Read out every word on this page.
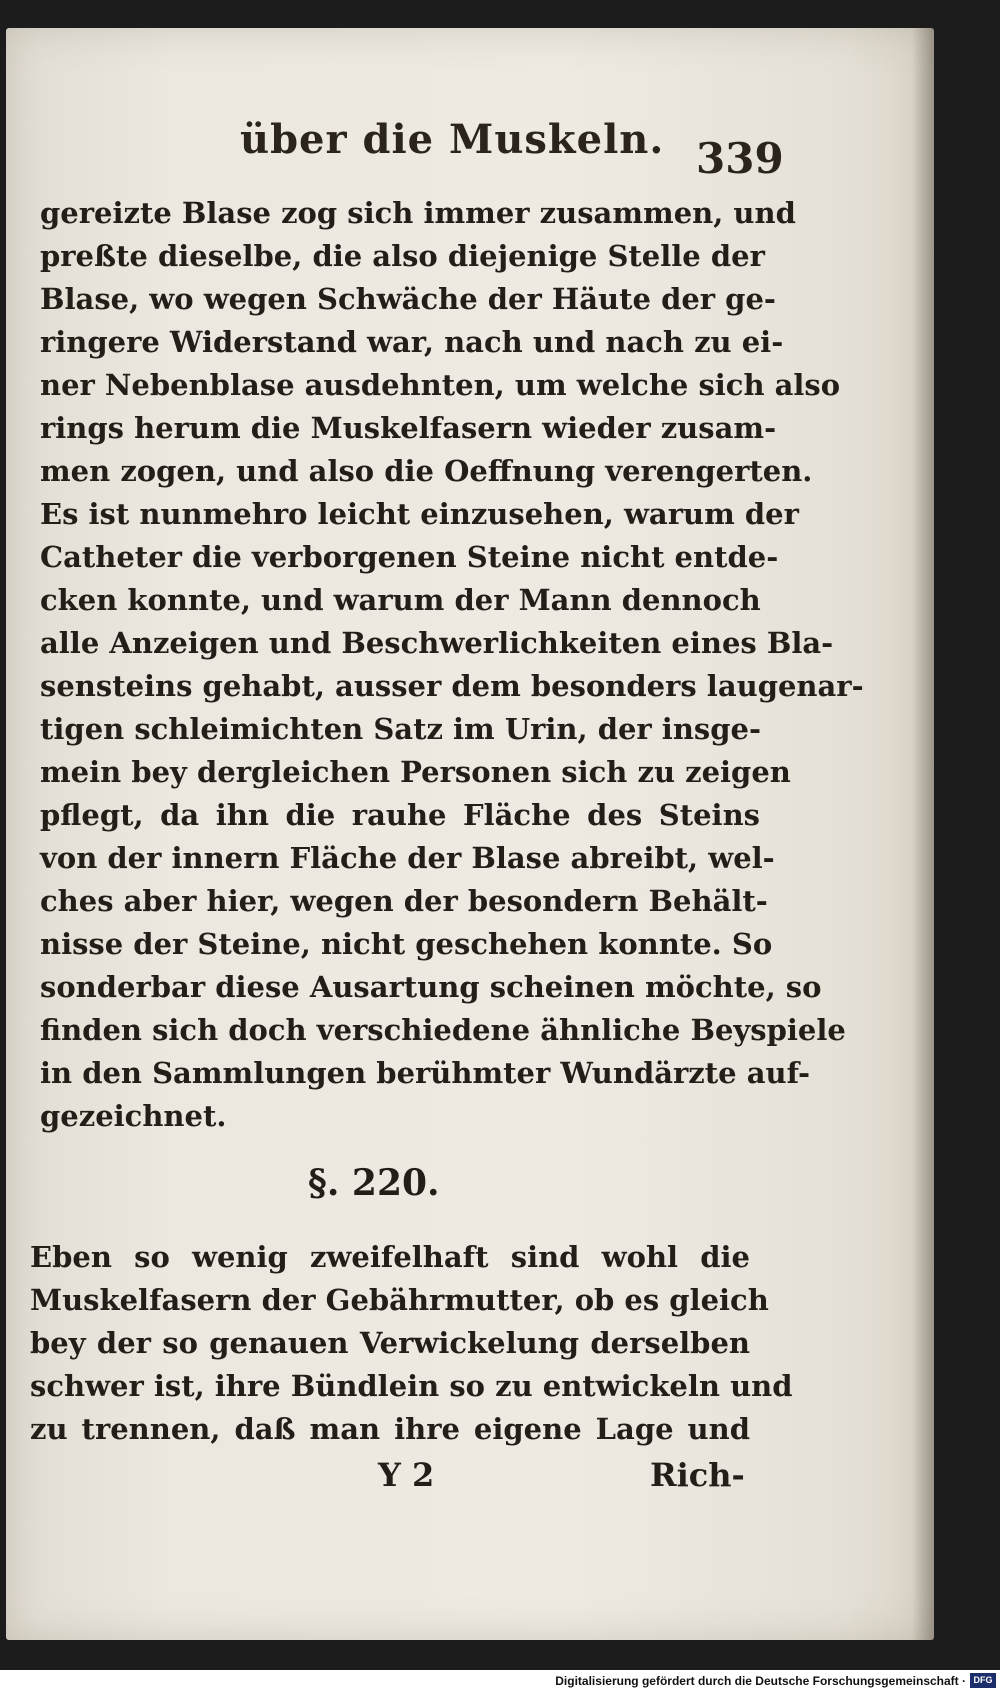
über die Muskeln. 339
gereizte Blase zog sich immer zusammen, und
preßte dieselbe, die also diejenige Stelle der
Blase, wo wegen Schwäche der Häute der ge-
ringere Widerstand war, nach und nach zu ei-
ner Nebenblase ausdehnten, um welche sich also
rings herum die Muskelfasern wieder zusam-
men zogen, und also die Oeffnung verengerten.
Es ist nunmehro leicht einzusehen, warum der
Catheter die verborgenen Steine nicht entde-
cken konnte, und warum der Mann dennoch
alle Anzeigen und Beschwerlichkeiten eines Bla-
sensteins gehabt, ausser dem besonders laugenar-
tigen schleimichten Satz im Urin, der insge-
mein bey dergleichen Personen sich zu zeigen
pflegt, da ihn die rauhe Fläche des Steins
von der innern Fläche der Blase abreibt, wel-
ches aber hier, wegen der besondern Behält-
nisse der Steine, nicht geschehen konnte. So
sonderbar diese Ausartung scheinen möchte, so
finden sich doch verschiedene ähnliche Beyspiele
in den Sammlungen berühmter Wundärzte auf-
gezeichnet.
§. 220.
Eben so wenig zweifelhaft sind wohl die
Muskelfasern der Gebährmutter, ob es gleich
bey der so genauen Verwickelung derselben
schwer ist, ihre Bündlein so zu entwickeln und
zu trennen, daß man ihre eigene Lage und
Y 2	Rich-
Digitalisierung gefördert durch die Deutsche Forschungsgemeinschaft · DFG
